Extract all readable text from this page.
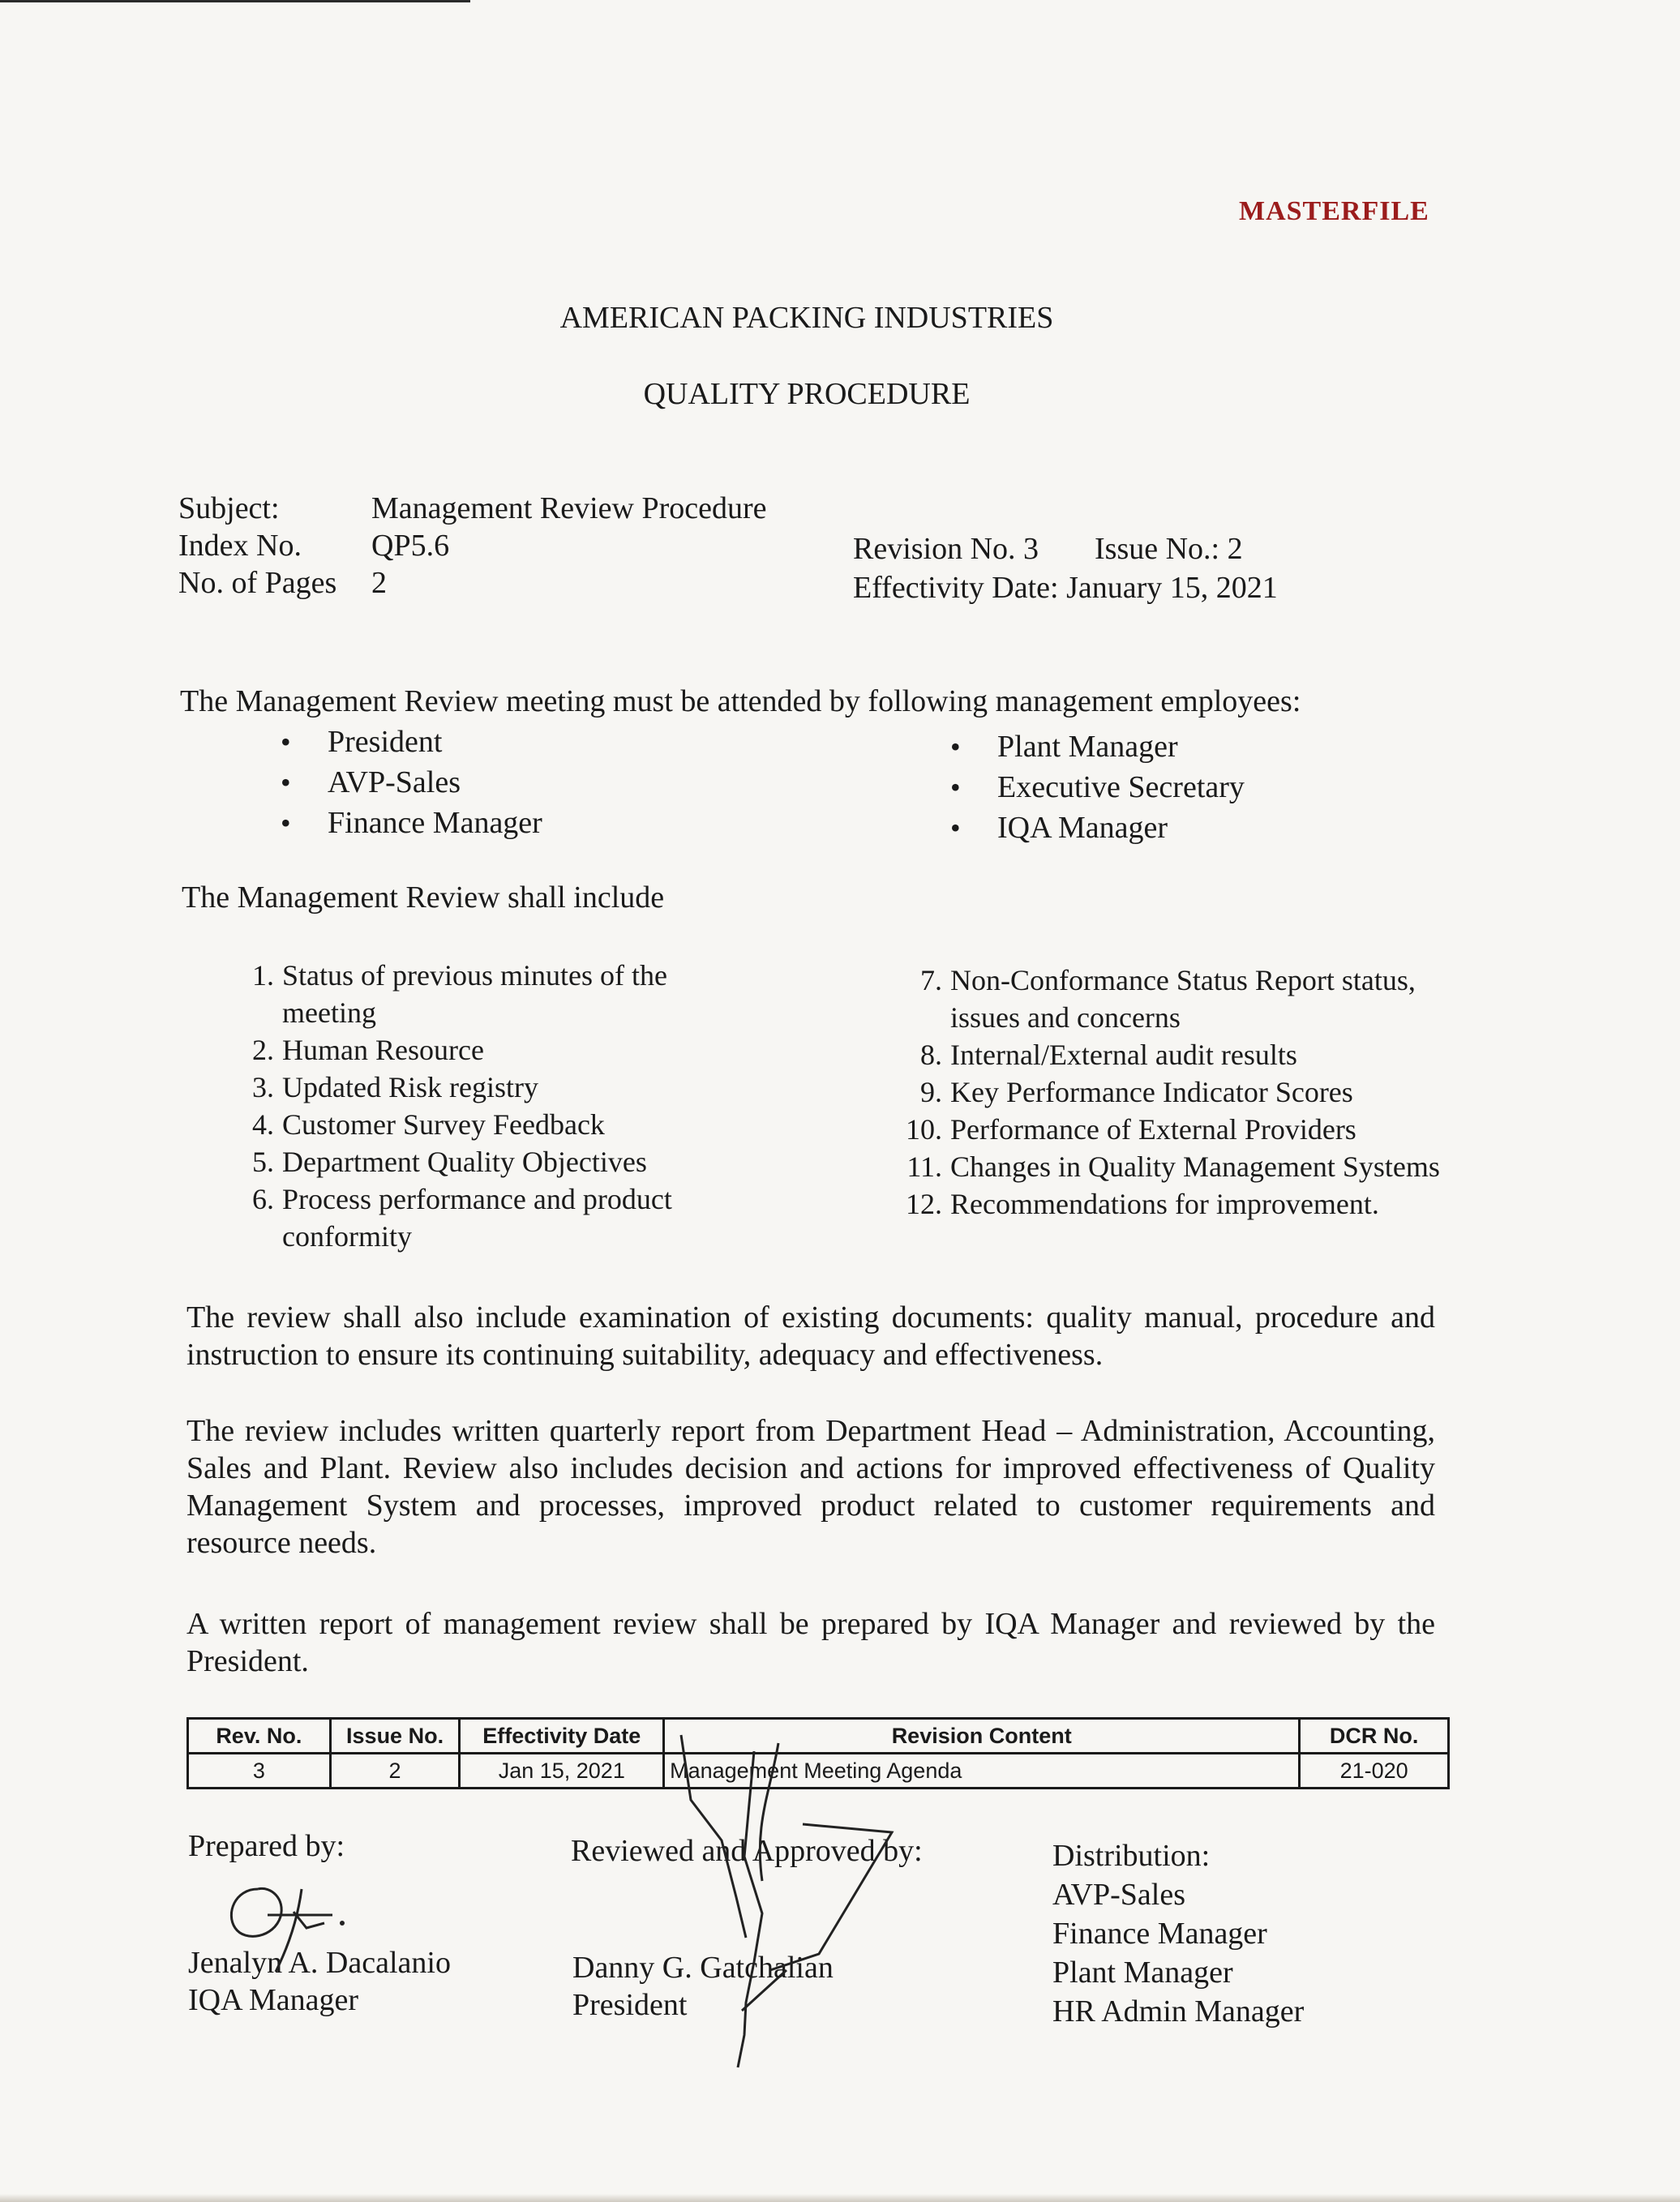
MASTERFILE
AMERICAN PACKING INDUSTRIES
QUALITY PROCEDURE
Subject:	Management Review Procedure
Index No. QP5.6
No. of Pages 2
Revision No. 3 Issue No.: 2
Effectivity Date: January 15, 2021
The Management Review meeting must be attended by following management employees:
• President
• AVP-Sales
• Finance Manager
• Plant Manager
• Executive Secretary
• IQA Manager
The Management Review shall include
1. Status of previous minutes of the meeting
2. Human Resource
3. Updated Risk registry
4. Customer Survey Feedback
5. Department Quality Objectives
6. Process performance and product conformity
7. Non-Conformance Status Report status, issues and concerns
8. Internal/External audit results
9. Key Performance Indicator Scores
10. Performance of External Providers
11. Changes in Quality Management Systems
12. Recommendations for improvement.
The review shall also include examination of existing documents: quality manual, procedure and instruction to ensure its continuing suitability, adequacy and effectiveness.
The review includes written quarterly report from Department Head – Administration, Accounting, Sales and Plant. Review also includes decision and actions for improved effectiveness of Quality Management System and processes, improved product related to customer requirements and resource needs.
A written report of management review shall be prepared by IQA Manager and reviewed by the President.
Rev. No.	Issue No.	Effectivity Date	Revision Content	DCR No.
3	2	Jan 15, 2021	Management Meeting Agenda	21-020
Prepared by:
Jenalyn A. Dacalanio
IQA Manager
Reviewed and Approved by:
Danny G. Gatchalian
President
Distribution:
AVP-Sales
Finance Manager
Plant Manager
HR Admin Manager
